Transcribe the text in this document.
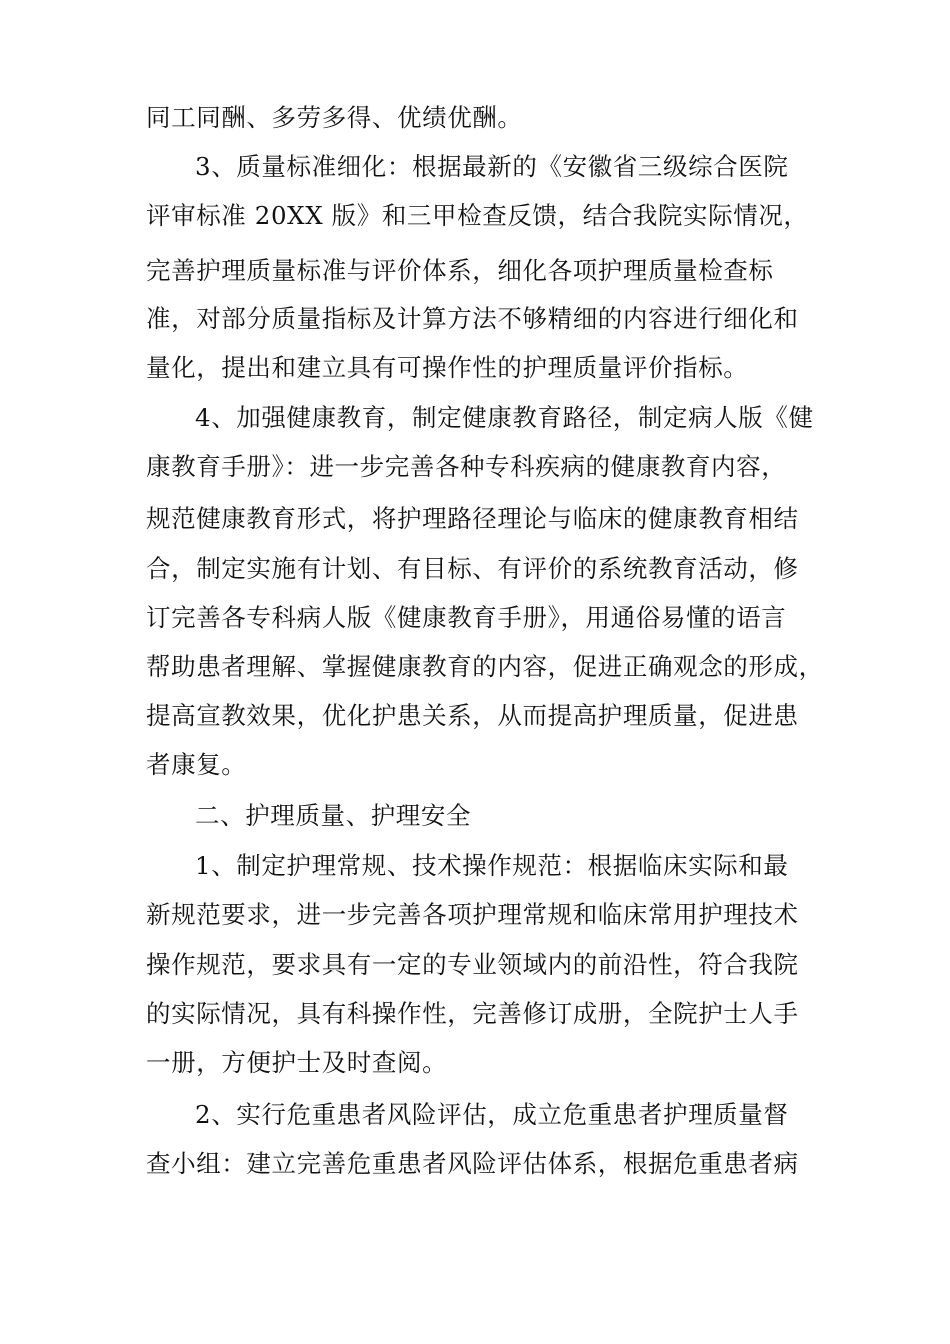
同工同酬、多劳多得、优绩优酬。
3、质量标准细化：根据最新的《安徽省三级综合医院
评审标准 20XX 版》和三甲检查反馈，结合我院实际情况，
完善护理质量标准与评价体系，细化各项护理质量检查标
准，对部分质量指标及计算方法不够精细的内容进行细化和
量化，提出和建立具有可操作性的护理质量评价指标。
4、加强健康教育，制定健康教育路径，制定病人版《健
康教育手册》：进一步完善各种专科疾病的健康教育内容，
规范健康教育形式，将护理路径理论与临床的健康教育相结
合，制定实施有计划、有目标、有评价的系统教育活动，修
订完善各专科病人版《健康教育手册》，用通俗易懂的语言
帮助患者理解、掌握健康教育的内容，促进正确观念的形成，
提高宣教效果，优化护患关系，从而提高护理质量，促进患
者康复。
二、护理质量、护理安全
1、制定护理常规、技术操作规范：根据临床实际和最
新规范要求，进一步完善各项护理常规和临床常用护理技术
操作规范，要求具有一定的专业领域内的前沿性，符合我院
的实际情况，具有科操作性，完善修订成册，全院护士人手
一册，方便护士及时查阅。
2、实行危重患者风险评估，成立危重患者护理质量督
查小组：建立完善危重患者风险评估体系，根据危重患者病
